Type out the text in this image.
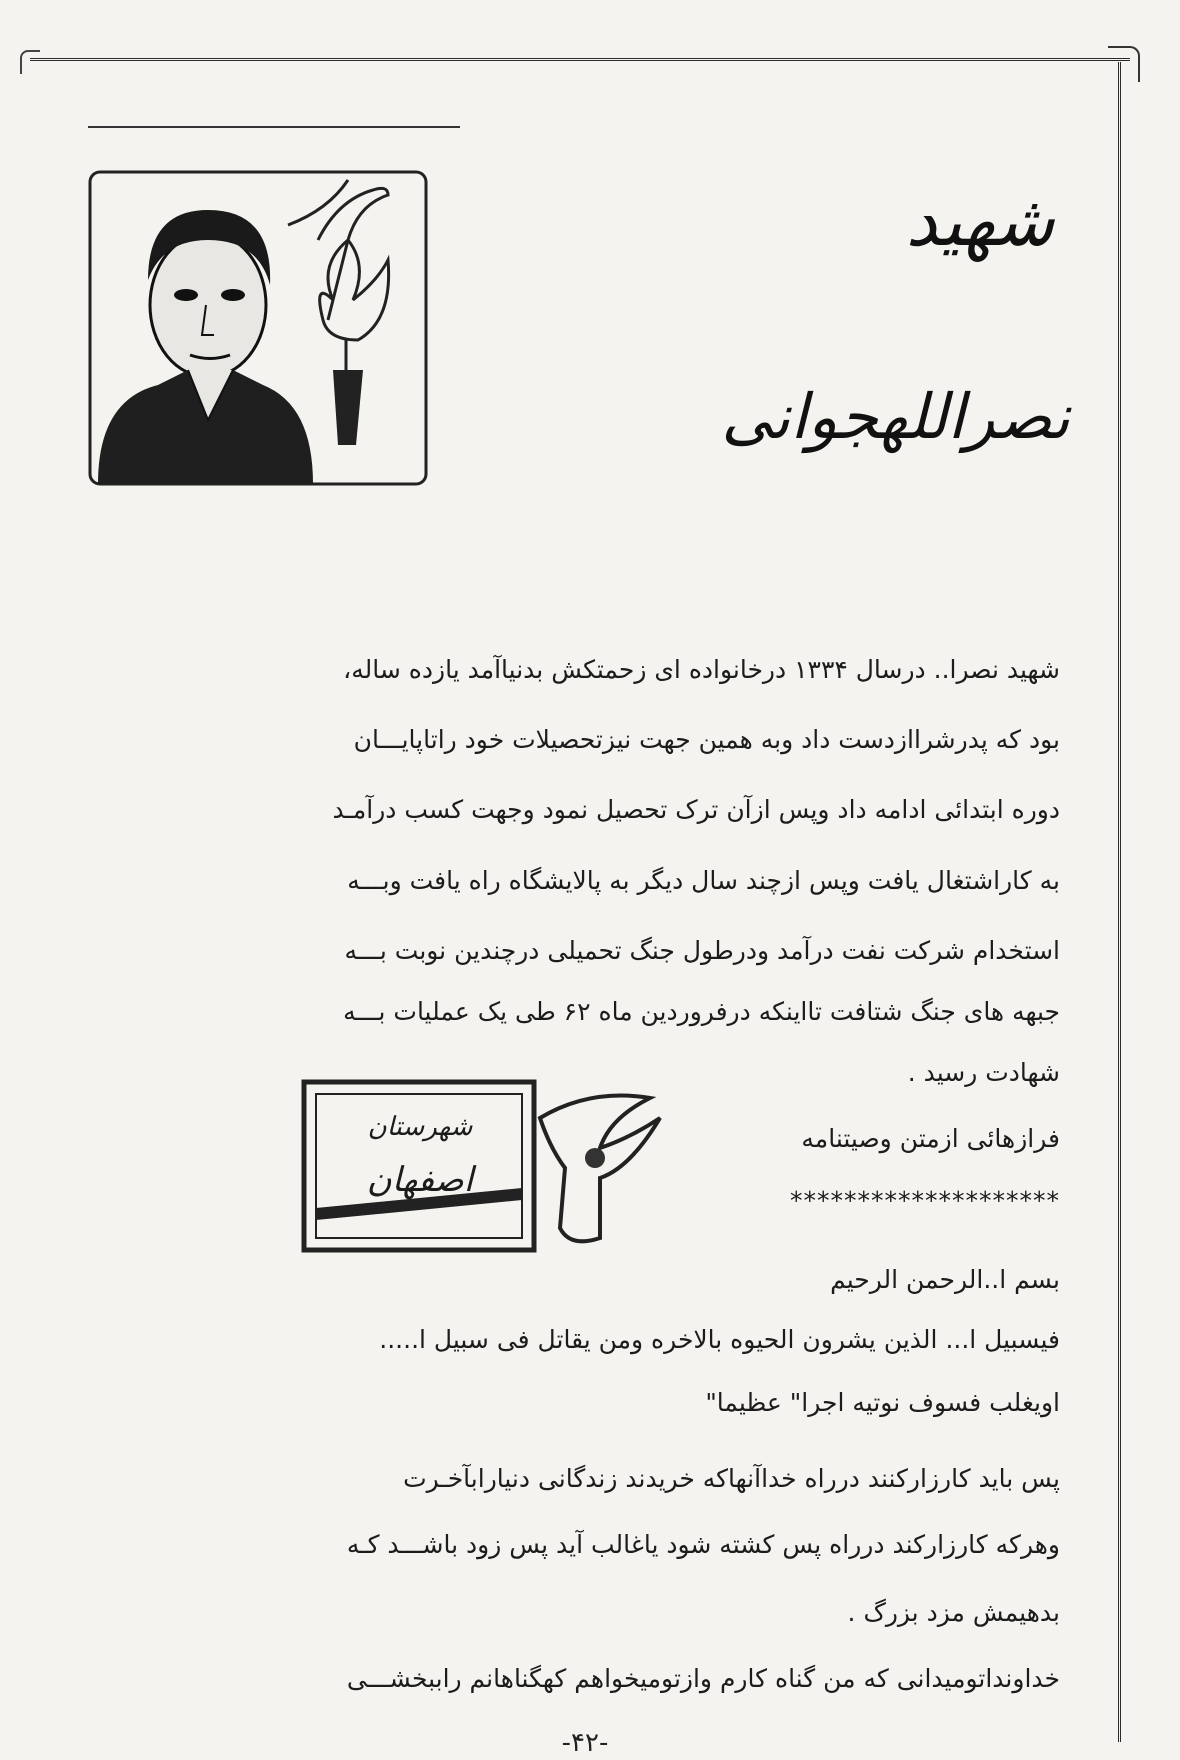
شهید
نصراللهجوانی
شهید نصرا.. درسال ۱۳۳۴ درخانواده ای زحمتکش بدنیاآمد یازده ساله،
بود که پدرشراازدست داد وبه همین جهت نیزتحصیلات خود راتاپایـــان
دوره ابتدائی ادامه داد وپس ازآن ترک تحصیل نمود وجهت کسب درآمـد
به کاراشتغال یافت وپس ازچند سال دیگر به پالایشگاه راه یافت وبـــه
استخدام شرکت نفت درآمد ودرطول جنگ تحمیلی درچندین نوبت بـــه
جبهه های جنگ شتافت تااینکه درفروردین ماه ۶۲ طی یک عملیات بـــه
شهادت رسید .
شهرستان
اصفهان
فرازهائی ازمتن وصیتنامه
********************
بسم ا..الرحمن الرحیم
فیسبیل ا... الذین یشرون الحیوه بالاخره ومن یقاتل فی سبیل ا.....
اویغلب فسوف نوتیه اجرا" عظیما"
پس باید کارزارکنند درراه خداآنهاکه خریدند زندگانی دنیارابآخـرت
وهرکه کارزارکند درراه پس کشته شود یاغالب آید پس زود باشـــد کـه
بدهیمش مزد بزرگ .
خداونداتومیدانی که من گناه کارم وازتومیخواهم کهگناهانم راببخشـــی
-۴۲-
